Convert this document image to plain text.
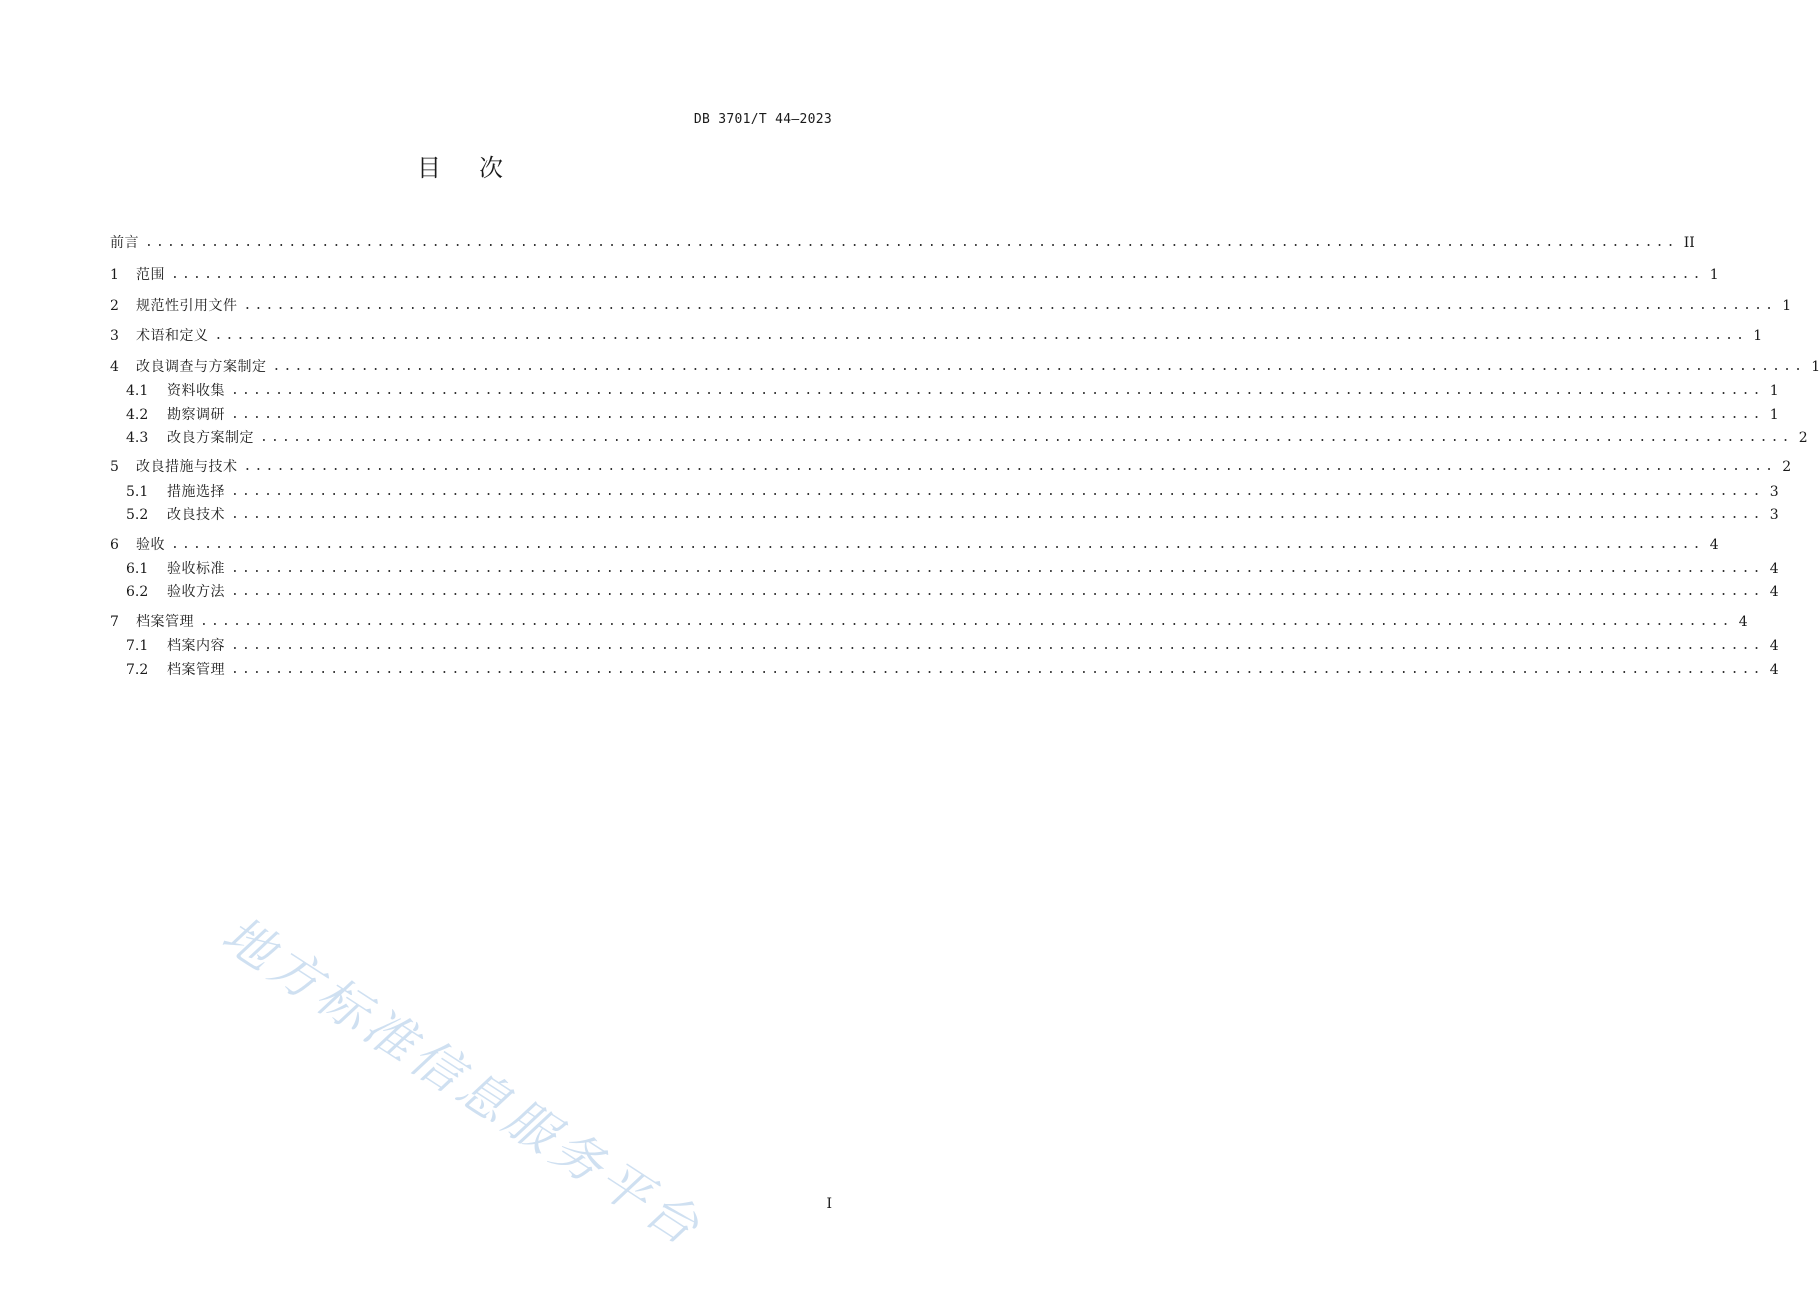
DB 3701/T 44—2023
目次
前言 ........................................................................................................................................... II
1	范围 ........................................................................................................................................... 1
2	规范性引用文件 ........................................................................................................................................... 1
3	术语和定义 ........................................................................................................................................... 1
4	改良调查与方案制定 ........................................................................................................................................... 1
4.1	资料收集 ........................................................................................................................................... 1
4.2	勘察调研 ........................................................................................................................................... 1
4.3	改良方案制定 ........................................................................................................................................... 2
5	改良措施与技术 ........................................................................................................................................... 2
5.1	措施选择 ........................................................................................................................................... 3
5.2	改良技术 ........................................................................................................................................... 3
6	验收 ........................................................................................................................................... 4
6.1	验收标准 ........................................................................................................................................... 4
6.2	验收方法 ........................................................................................................................................... 4
7	档案管理 ........................................................................................................................................... 4
7.1	档案内容 ........................................................................................................................................... 4
7.2	档案管理 ........................................................................................................................................... 4
地方标准信息服务平台	I
